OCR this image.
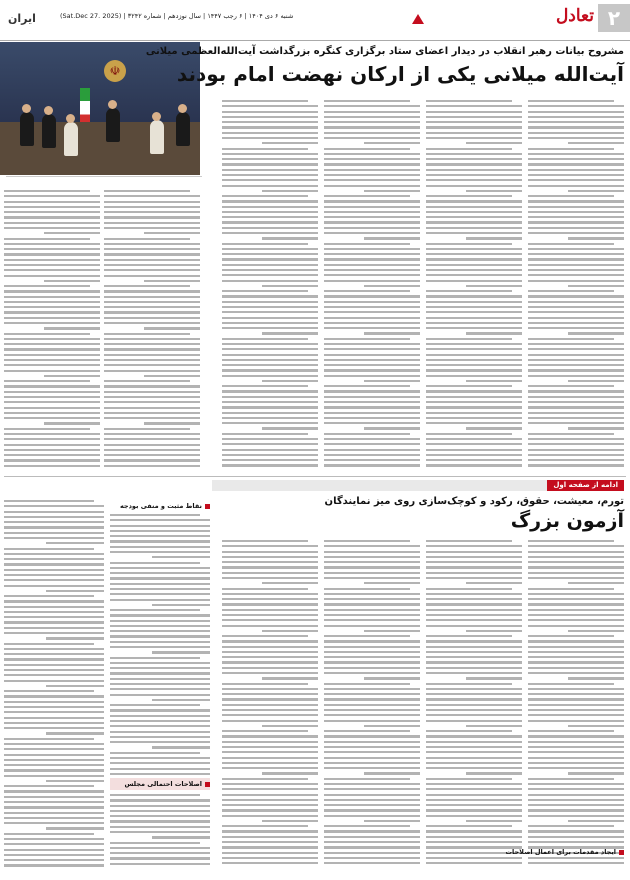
۲
تعادل
شنبه ۶ دی ۱۴۰۴ | ۶ رجب ۱۴۴۷ | سال نوزدهم | شماره ۳۲۴۲ | (Sat.Dec 27. 2025)
ایران
☫
مشروح بیانات رهبر انقلاب در دیدار اعضای ستاد برگزاری کنگره بزرگداشت آیت‌الله‌العظمی میلانی
آیت‌الله میلانی یکی از ارکان نهضت امام بودند
ادامه از صفحه اول
تورم، معیشت، حقوق، رکود و کوچک‌سازی روی میز نمایندگان
آزمون بزرگ
نقاط مثبت و منفی بودجه
اصلاحات احتمالی مجلس
ایجاد مقدمات برای اعمال اصلاحات
